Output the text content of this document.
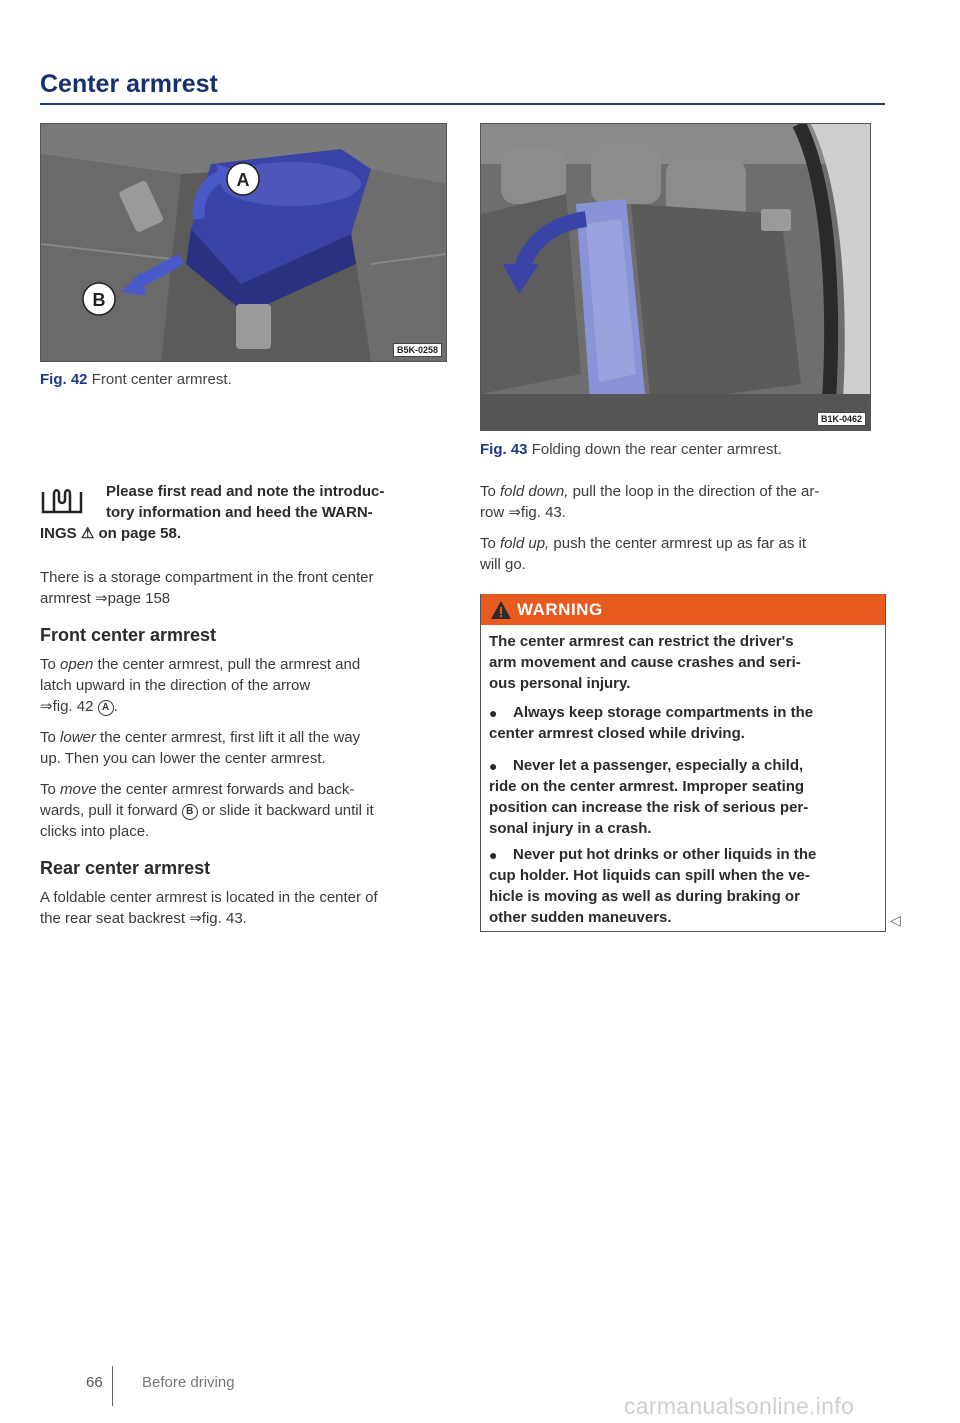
Center armrest
A
B
B5K-0258
Fig. 42 Front center armrest.
Please first read and note the introduc-
tory information and heed the WARN-
INGS ⚠ on page 58.

There is a storage compartment in the front center

armrest ⇒page 158

Front center armrest

To open the center armrest, pull the armrest and

latch upward in the direction of the arrow

⇒fig. 42 A .

To lower the center armrest, first lift it all the way

up. Then you can lower the center armrest.

To move the center armrest forwards and back-

wards, pull it forward B or slide it backward until it

clicks into place.

Rear center armrest

A foldable center armrest is located in the center of

the rear seat backrest ⇒fig. 43.

B1K-0462
Fig. 43 Folding down the rear center armrest.

To fold down, pull the loop in the direction of the ar-

row ⇒fig. 43.

To fold up, push the center armrest up as far as it

will go.

WARNING
The center armrest can restrict the driver's
arm movement and cause crashes and seri-
ous personal injury.
● Always keep storage compartments in the
center armrest closed while driving.
● Never let a passenger, especially a child,
ride on the center armrest. Improper seating
position can increase the risk of serious per-
sonal injury in a crash.
● Never put hot drinks or other liquids in the
cup holder. Hot liquids can spill when the ve-
hicle is moving as well as during braking or
other sudden maneuvers.	◁
66	Before driving
carmanualsonline.info
